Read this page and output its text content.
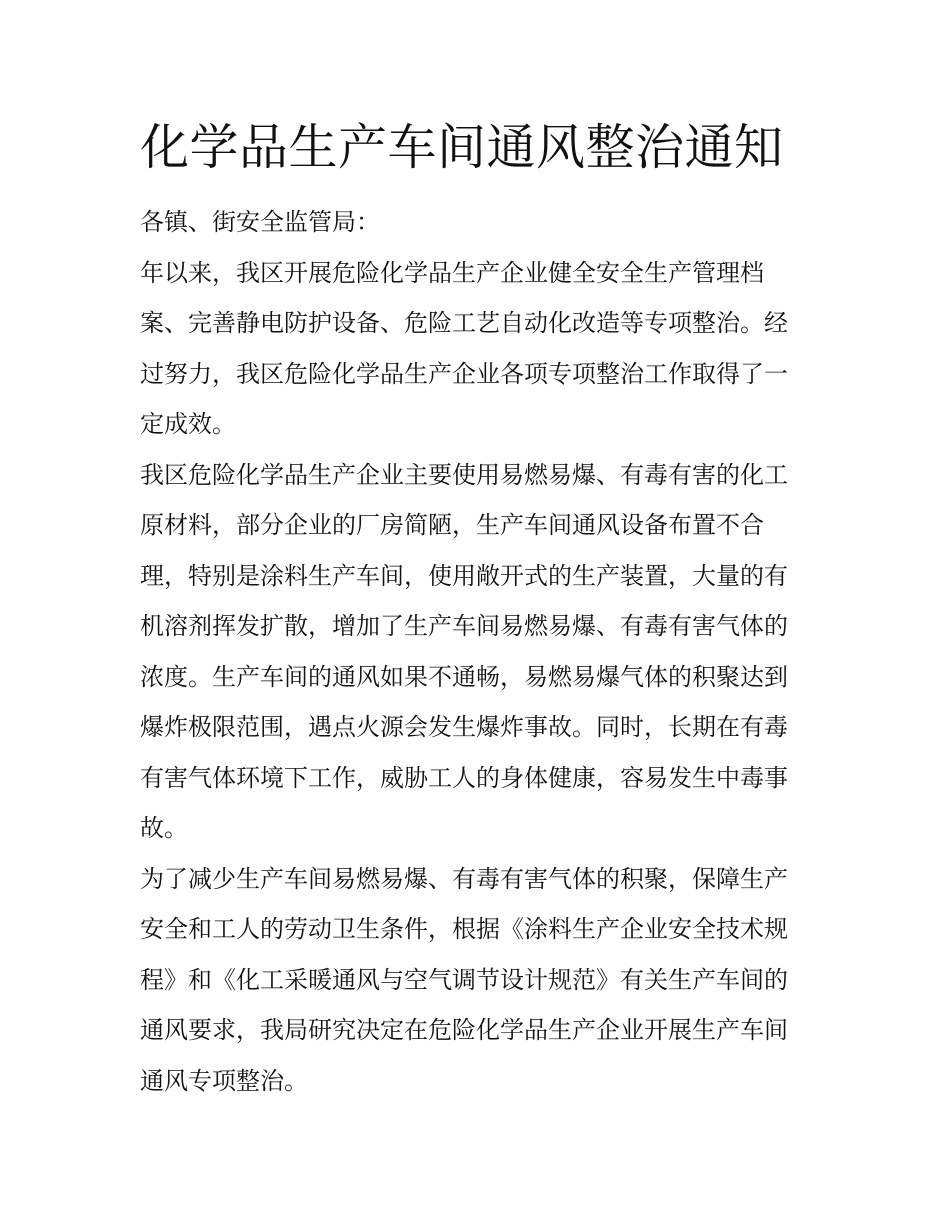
化学品生产车间通风整治通知
各镇、街安全监管局：
年以来，我区开展危险化学品生产企业健全安全生产管理档
案、完善静电防护设备、危险工艺自动化改造等专项整治。经
过努力，我区危险化学品生产企业各项专项整治工作取得了一
定成效。
我区危险化学品生产企业主要使用易燃易爆、有毒有害的化工
原材料，部分企业的厂房简陋，生产车间通风设备布置不合
理，特别是涂料生产车间，使用敞开式的生产装置，大量的有
机溶剂挥发扩散，增加了生产车间易燃易爆、有毒有害气体的
浓度。生产车间的通风如果不通畅，易燃易爆气体的积聚达到
爆炸极限范围，遇点火源会发生爆炸事故。同时，长期在有毒
有害气体环境下工作，威胁工人的身体健康，容易发生中毒事
故。
为了减少生产车间易燃易爆、有毒有害气体的积聚，保障生产
安全和工人的劳动卫生条件，根据《涂料生产企业安全技术规
程》和《化工采暖通风与空气调节设计规范》有关生产车间的
通风要求，我局研究决定在危险化学品生产企业开展生产车间
通风专项整治。
